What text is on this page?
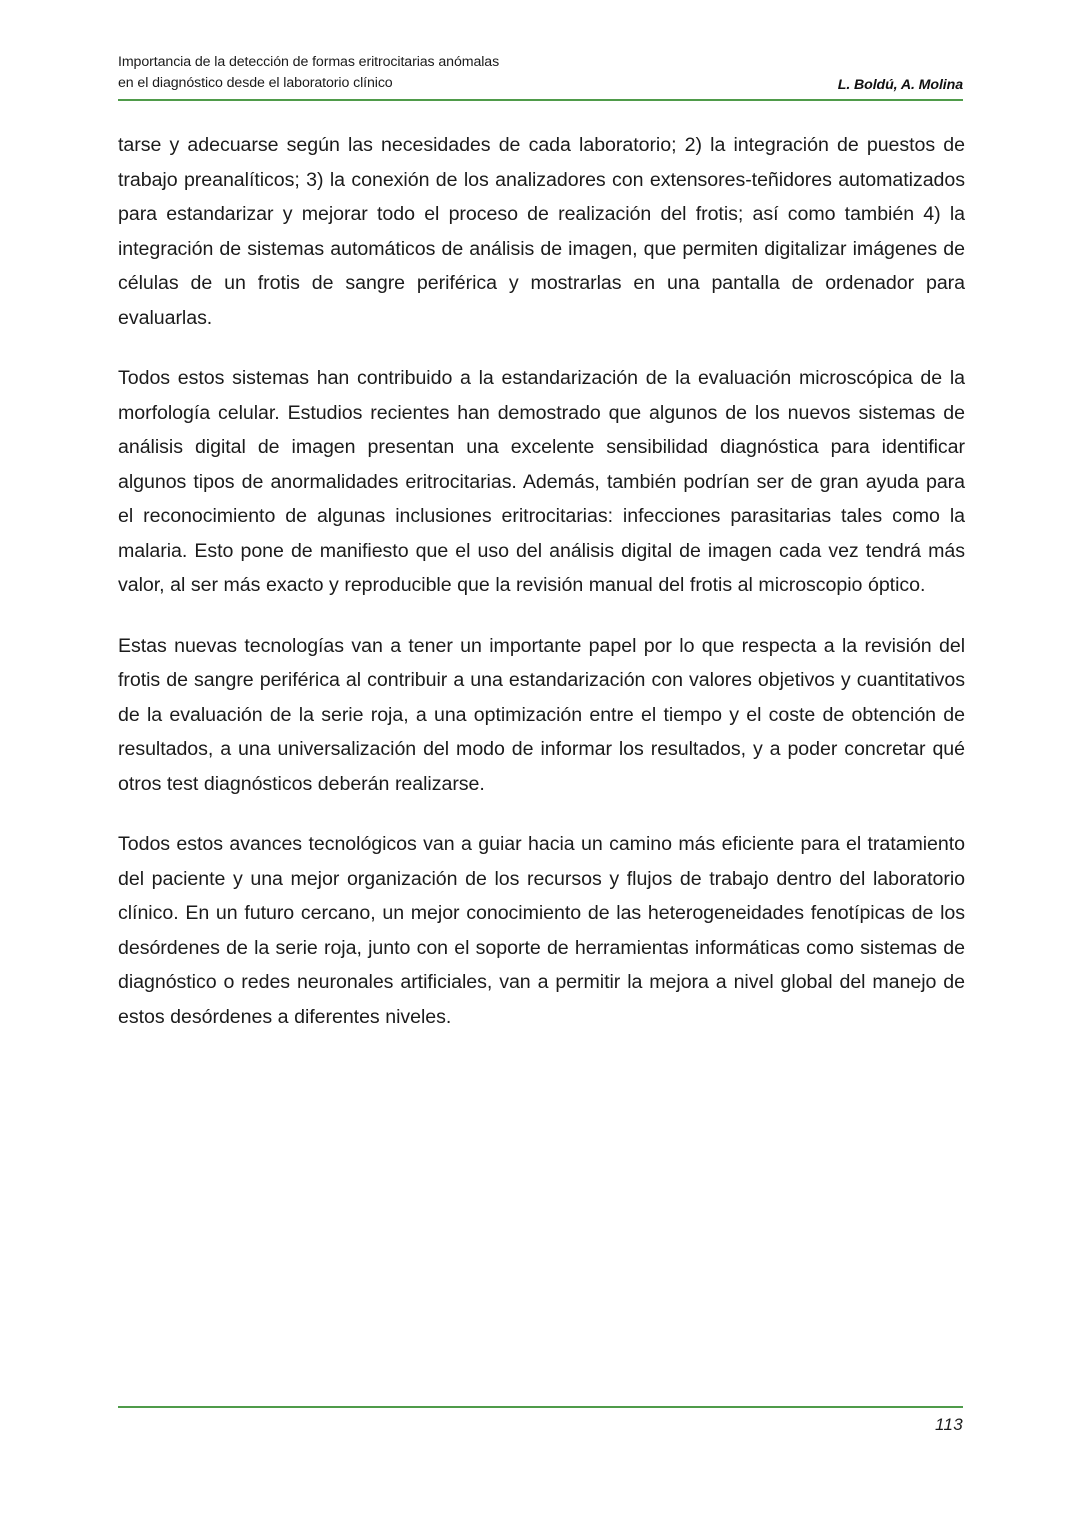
Importancia de la detección de formas eritrocitarias anómalas
en el diagnóstico desde el laboratorio clínico	L. Boldú, A. Molina

tarse y adecuarse según las necesidades de cada laboratorio; 2) la integración de puestos de trabajo preanalíticos; 3) la conexión de los analizadores con extensores-teñidores automatizados para estandarizar y mejorar todo el proceso de realización del frotis; así como también 4) la integración de sistemas automáticos de análisis de imagen, que permiten digitalizar imágenes de células de un frotis de sangre periférica y mostrarlas en una pantalla de ordenador para evaluarlas.

Todos estos sistemas han contribuido a la estandarización de la evaluación microscópica de la morfología celular. Estudios recientes han demostrado que algunos de los nuevos sistemas de análisis digital de imagen presentan una excelente sensibilidad diagnóstica para identificar algunos tipos de anormalidades eritrocitarias. Además, también podrían ser de gran ayuda para el reconocimiento de algunas inclusiones eritrocitarias: infecciones parasitarias tales como la malaria. Esto pone de manifiesto que el uso del análisis digital de imagen cada vez tendrá más valor, al ser más exacto y reproducible que la revisión manual del frotis al microscopio óptico.

Estas nuevas tecnologías van a tener un importante papel por lo que respecta a la revisión del frotis de sangre periférica al contribuir a una estandarización con valores objetivos y cuantitativos de la evaluación de la serie roja, a una optimización entre el tiempo y el coste de obtención de resultados, a una universalización del modo de informar los resultados, y a poder concretar qué otros test diagnósticos deberán realizarse.

Todos estos avances tecnológicos van a guiar hacia un camino más eficiente para el tratamiento del paciente y una mejor organización de los recursos y flujos de trabajo dentro del laboratorio clínico. En un futuro cercano, un mejor conocimiento de las heterogeneidades fenotípicas de los desórdenes de la serie roja, junto con el soporte de herramientas informáticas como sistemas de diagnóstico o redes neuronales artificiales, van a permitir la mejora a nivel global del manejo de estos desórdenes a diferentes niveles.

113
